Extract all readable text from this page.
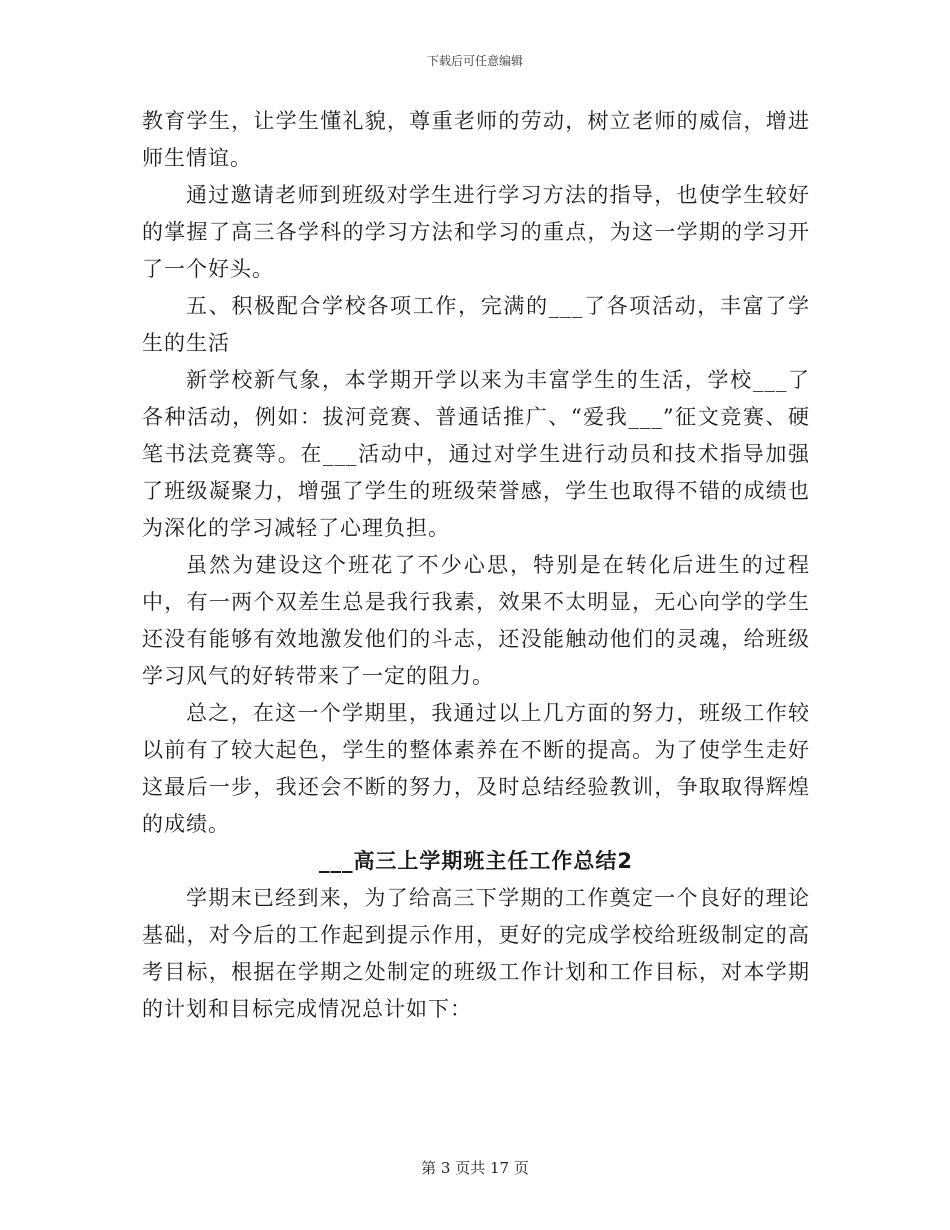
下载后可任意编辑

教育学生，让学生懂礼貌，尊重老师的劳动，树立老师的威信，增进师生情谊。

通过邀请老师到班级对学生进行学习方法的指导，也使学生较好的掌握了高三各学科的学习方法和学习的重点，为这一学期的学习开了一个好头。

五、积极配合学校各项工作，完满的___了各项活动，丰富了学生的生活

新学校新气象，本学期开学以来为丰富学生的生活，学校___了各种活动，例如：拔河竞赛、普通话推广、“爱我___”征文竞赛、硬笔书法竞赛等。在___活动中，通过对学生进行动员和技术指导加强了班级凝聚力，增强了学生的班级荣誉感，学生也取得不错的成绩也为深化的学习减轻了心理负担。

虽然为建设这个班花了不少心思，特别是在转化后进生的过程中，有一两个双差生总是我行我素，效果不太明显，无心向学的学生还没有能够有效地激发他们的斗志，还没能触动他们的灵魂，给班级学习风气的好转带来了一定的阻力。

总之，在这一个学期里，我通过以上几方面的努力，班级工作较以前有了较大起色，学生的整体素养在不断的提高。为了使学生走好这最后一步，我还会不断的努力，及时总结经验教训，争取取得辉煌的成绩。

___高三上学期班主任工作总结2

学期末已经到来，为了给高三下学期的工作奠定一个良好的理论基础，对今后的工作起到提示作用，更好的完成学校给班级制定的高考目标，根据在学期之处制定的班级工作计划和工作目标，对本学期的计划和目标完成情况总计如下：

第 3 页共 17 页
